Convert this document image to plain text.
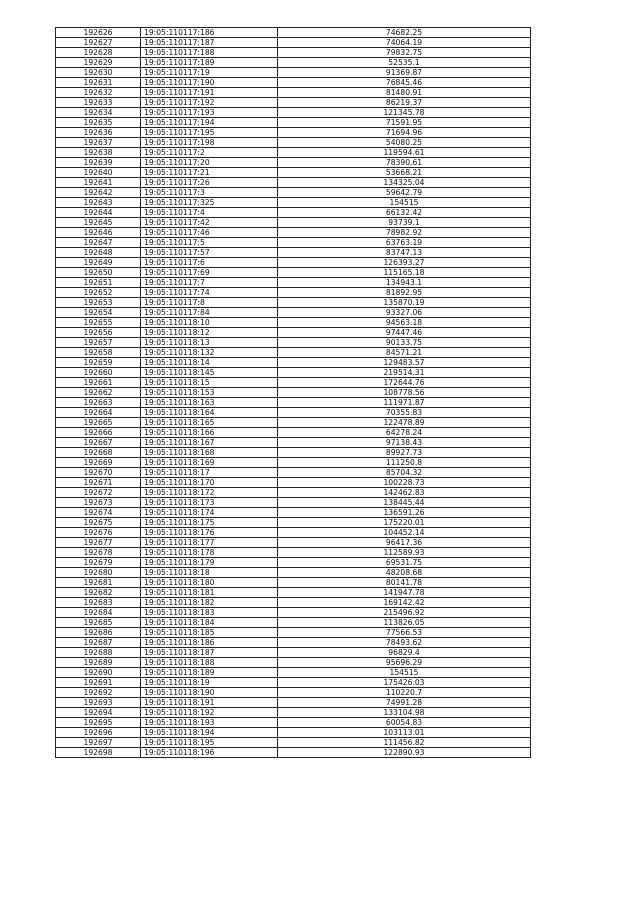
192626	19:05:110117:186	74682.25
192627	19:05:110117:187	74064.19
192628	19:05:110117:188	79832.75
192629	19:05:110117:189	52535.1
192630	19:05:110117:19	91369.87
192631	19:05:110117:190	76845.46
192632	19:05:110117:191	81480.91
192633	19:05:110117:192	86219.37
192634	19:05:110117:193	121345.78
192635	19:05:110117:194	71591.95
192636	19:05:110117:195	71694.96
192637	19:05:110117:198	54080.25
192638	19:05:110117:2	119594.61
192639	19:05:110117:20	78390.61
192640	19:05:110117:21	53668.21
192641	19:05:110117:26	134325.04
192642	19:05:110117:3	59642.79
192643	19:05:110117:325	154515
192644	19:05:110117:4	66132.42
192645	19:05:110117:42	93739.1
192646	19:05:110117:46	78982.92
192647	19:05:110117:5	63763.19
192648	19:05:110117:57	83747.13
192649	19:05:110117:6	126393.27
192650	19:05:110117:69	115165.18
192651	19:05:110117:7	134943.1
192652	19:05:110117:74	81892.95
192653	19:05:110117:8	135870.19
192654	19:05:110117:84	93327.06
192655	19:05:110118:10	94563.18
192656	19:05:110118:12	97447.46
192657	19:05:110118:13	90133.75
192658	19:05:110118:132	84571.21
192659	19:05:110118:14	129483.57
192660	19:05:110118:145	219514.31
192661	19:05:110118:15	172644.76
192662	19:05:110118:153	108778.56
192663	19:05:110118:163	111971.87
192664	19:05:110118:164	70355.83
192665	19:05:110118:165	122478.89
192666	19:05:110118:166	64278.24
192667	19:05:110118:167	97138.43
192668	19:05:110118:168	89927.73
192669	19:05:110118:169	111250.8
192670	19:05:110118:17	85704.32
192671	19:05:110118:170	100228.73
192672	19:05:110118:172	142462.83
192673	19:05:110118:173	138445.44
192674	19:05:110118:174	136591.26
192675	19:05:110118:175	175220.01
192676	19:05:110118:176	104452.14
192677	19:05:110118:177	96417.36
192678	19:05:110118:178	112589.93
192679	19:05:110118:179	69531.75
192680	19:05:110118:18	48208.68
192681	19:05:110118:180	80141.78
192682	19:05:110118:181	141947.78
192683	19:05:110118:182	169142.42
192684	19:05:110118:183	215496.92
192685	19:05:110118:184	113826.05
192686	19:05:110118:185	77566.53
192687	19:05:110118:186	78493.62
192688	19:05:110118:187	96829.4
192689	19:05:110118:188	95696.29
192690	19:05:110118:189	154515
192691	19:05:110118:19	175426.03
192692	19:05:110118:190	110220.7
192693	19:05:110118:191	74991.28
192694	19:05:110118:192	133104.98
192695	19:05:110118:193	60054.83
192696	19:05:110118:194	103113.01
192697	19:05:110118:195	111456.82
192698	19:05:110118:196	122890.93
